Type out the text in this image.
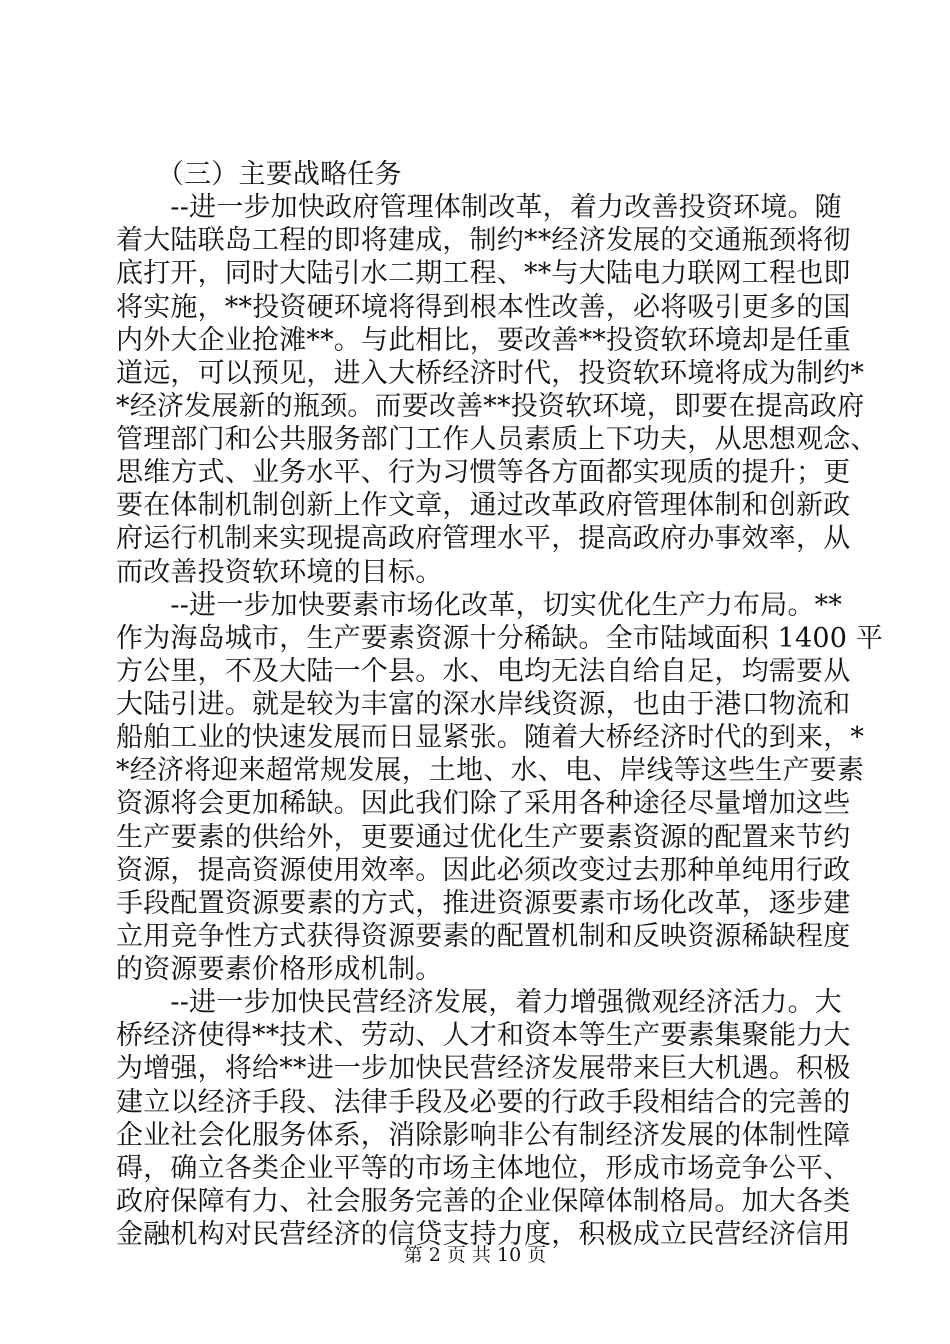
　　（三）主要战略任务
　　--进一步加快政府管理体制改革，着力改善投资环境。随
着大陆联岛工程的即将建成，制约**经济发展的交通瓶颈将彻
底打开，同时大陆引水二期工程、**与大陆电力联网工程也即
将实施，**投资硬环境将得到根本性改善，必将吸引更多的国
内外大企业抢滩**。与此相比，要改善**投资软环境却是任重
道远，可以预见，进入大桥经济时代，投资软环境将成为制约*
*经济发展新的瓶颈。而要改善**投资软环境，即要在提高政府
管理部门和公共服务部门工作人员素质上下功夫，从思想观念、
思维方式、业务水平、行为习惯等各方面都实现质的提升；更
要在体制机制创新上作文章，通过改革政府管理体制和创新政
府运行机制来实现提高政府管理水平，提高政府办事效率，从
而改善投资软环境的目标。
　　--进一步加快要素市场化改革，切实优化生产力布局。**
作为海岛城市，生产要素资源十分稀缺。全市陆域面积 1400 平
方公里，不及大陆一个县。水、电均无法自给自足，均需要从
大陆引进。就是较为丰富的深水岸线资源，也由于港口物流和
船舶工业的快速发展而日显紧张。随着大桥经济时代的到来，*
*经济将迎来超常规发展，土地、水、电、岸线等这些生产要素
资源将会更加稀缺。因此我们除了采用各种途径尽量增加这些
生产要素的供给外，更要通过优化生产要素资源的配置来节约
资源，提高资源使用效率。因此必须改变过去那种单纯用行政
手段配置资源要素的方式，推进资源要素市场化改革，逐步建
立用竞争性方式获得资源要素的配置机制和反映资源稀缺程度
的资源要素价格形成机制。
　　--进一步加快民营经济发展，着力增强微观经济活力。大
桥经济使得**技术、劳动、人才和资本等生产要素集聚能力大
为增强，将给**进一步加快民营经济发展带来巨大机遇。积极
建立以经济手段、法律手段及必要的行政手段相结合的完善的
企业社会化服务体系，消除影响非公有制经济发展的体制性障
碍，确立各类企业平等的市场主体地位，形成市场竞争公平、
政府保障有力、社会服务完善的企业保障体制格局。加大各类
金融机构对民营经济的信贷支持力度，积极成立民营经济信用
第 2 页 共 10 页
